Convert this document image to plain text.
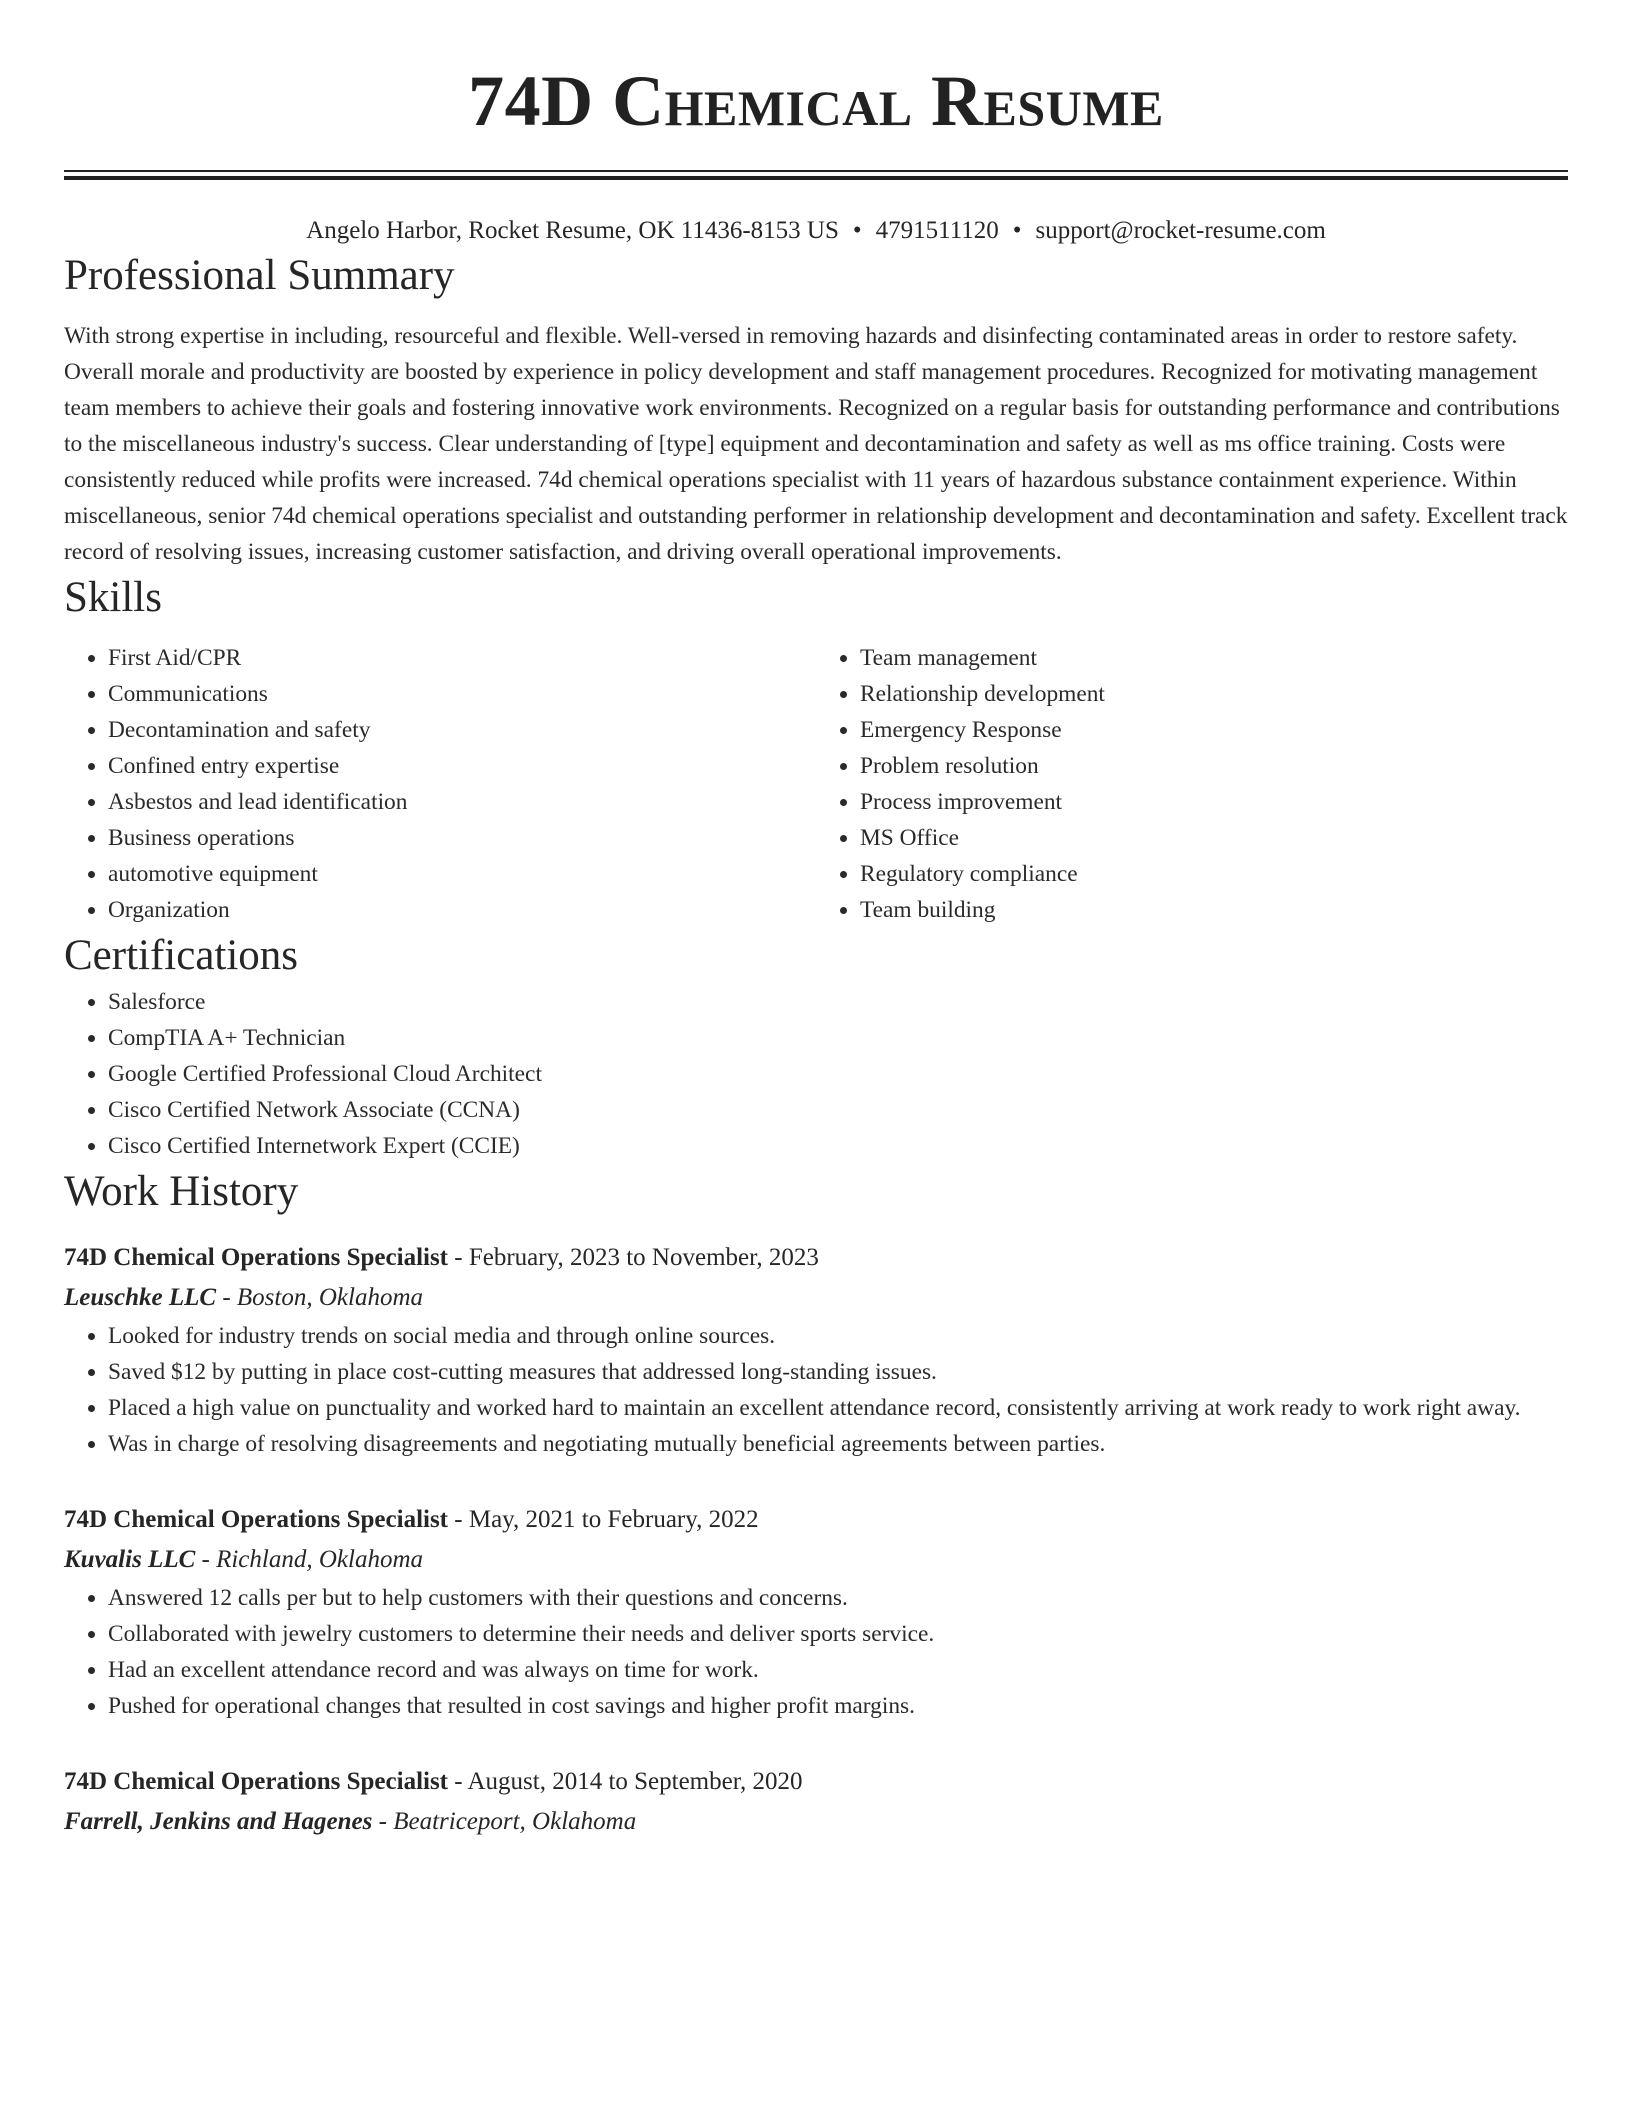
74D Chemical Resume
Angelo Harbor, Rocket Resume, OK 11436-8153 US • 4791511120 • support@rocket-resume.com
Professional Summary

With strong expertise in including, resourceful and flexible. Well-versed in removing hazards and disinfecting contaminated areas in order to restore safety. Overall morale and productivity are boosted by experience in policy development and staff management procedures. Recognized for motivating management team members to achieve their goals and fostering innovative work environments. Recognized on a regular basis for outstanding performance and contributions to the miscellaneous industry's success. Clear understanding of [type] equipment and decontamination and safety as well as ms office training. Costs were consistently reduced while profits were increased. 74d chemical operations specialist with 11 years of hazardous substance containment experience. Within miscellaneous, senior 74d chemical operations specialist and outstanding performer in relationship development and decontamination and safety. Excellent track record of resolving issues, increasing customer satisfaction, and driving overall operational improvements.

Skills
• First Aid/CPR
• Communications
• Decontamination and safety
• Confined entry expertise
• Asbestos and lead identification
• Business operations
• automotive equipment
• Organization
• Team management
• Relationship development
• Emergency Response
• Problem resolution
• Process improvement
• MS Office
• Regulatory compliance
• Team building
Certifications
• Salesforce
• CompTIA A+ Technician
• Google Certified Professional Cloud Architect
• Cisco Certified Network Associate (CCNA)
• Cisco Certified Internetwork Expert (CCIE)
Work History
74D Chemical Operations Specialist - February, 2023 to November, 2023
Leuschke LLC - Boston, Oklahoma
• Looked for industry trends on social media and through online sources.
• Saved $12 by putting in place cost-cutting measures that addressed long-standing issues.
• Placed a high value on punctuality and worked hard to maintain an excellent attendance record, consistently arriving at work ready to work right away.
• Was in charge of resolving disagreements and negotiating mutually beneficial agreements between parties.
74D Chemical Operations Specialist - May, 2021 to February, 2022
Kuvalis LLC - Richland, Oklahoma
• Answered 12 calls per but to help customers with their questions and concerns.
• Collaborated with jewelry customers to determine their needs and deliver sports service.
• Had an excellent attendance record and was always on time for work.
• Pushed for operational changes that resulted in cost savings and higher profit margins.
74D Chemical Operations Specialist - August, 2014 to September, 2020
Farrell, Jenkins and Hagenes - Beatriceport, Oklahoma
